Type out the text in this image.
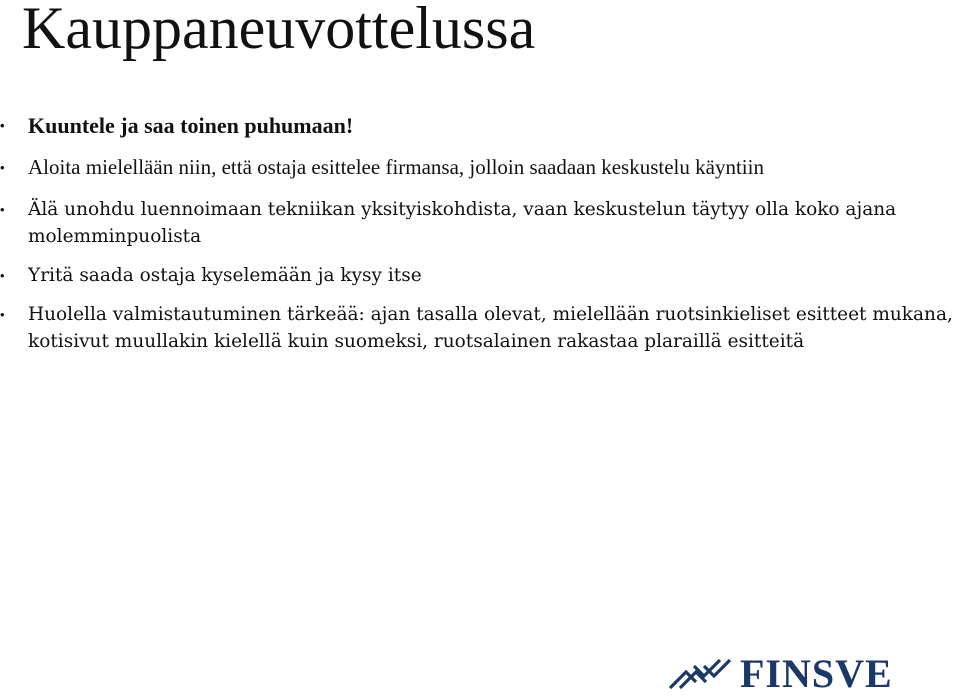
Kauppaneuvottelussa
•	Kuuntele ja saa toinen puhumaan!
•	Aloita mielellään niin, että ostaja esittelee firmansa, jolloin saadaan keskustelu käyntiin
•	Älä unohdu luennoimaan tekniikan yksityiskohdista, vaan keskustelun täytyy olla koko ajana molemminpuolista
•	Yritä saada ostaja kyselemään ja kysy itse
•	Huolella valmistautuminen tärkeää: ajan tasalla olevat, mielellään ruotsinkieliset esitteet mukana, kotisivut muullakin kielellä kuin suomeksi, ruotsalainen rakastaa plaraillä esitteitä
FINSVE
